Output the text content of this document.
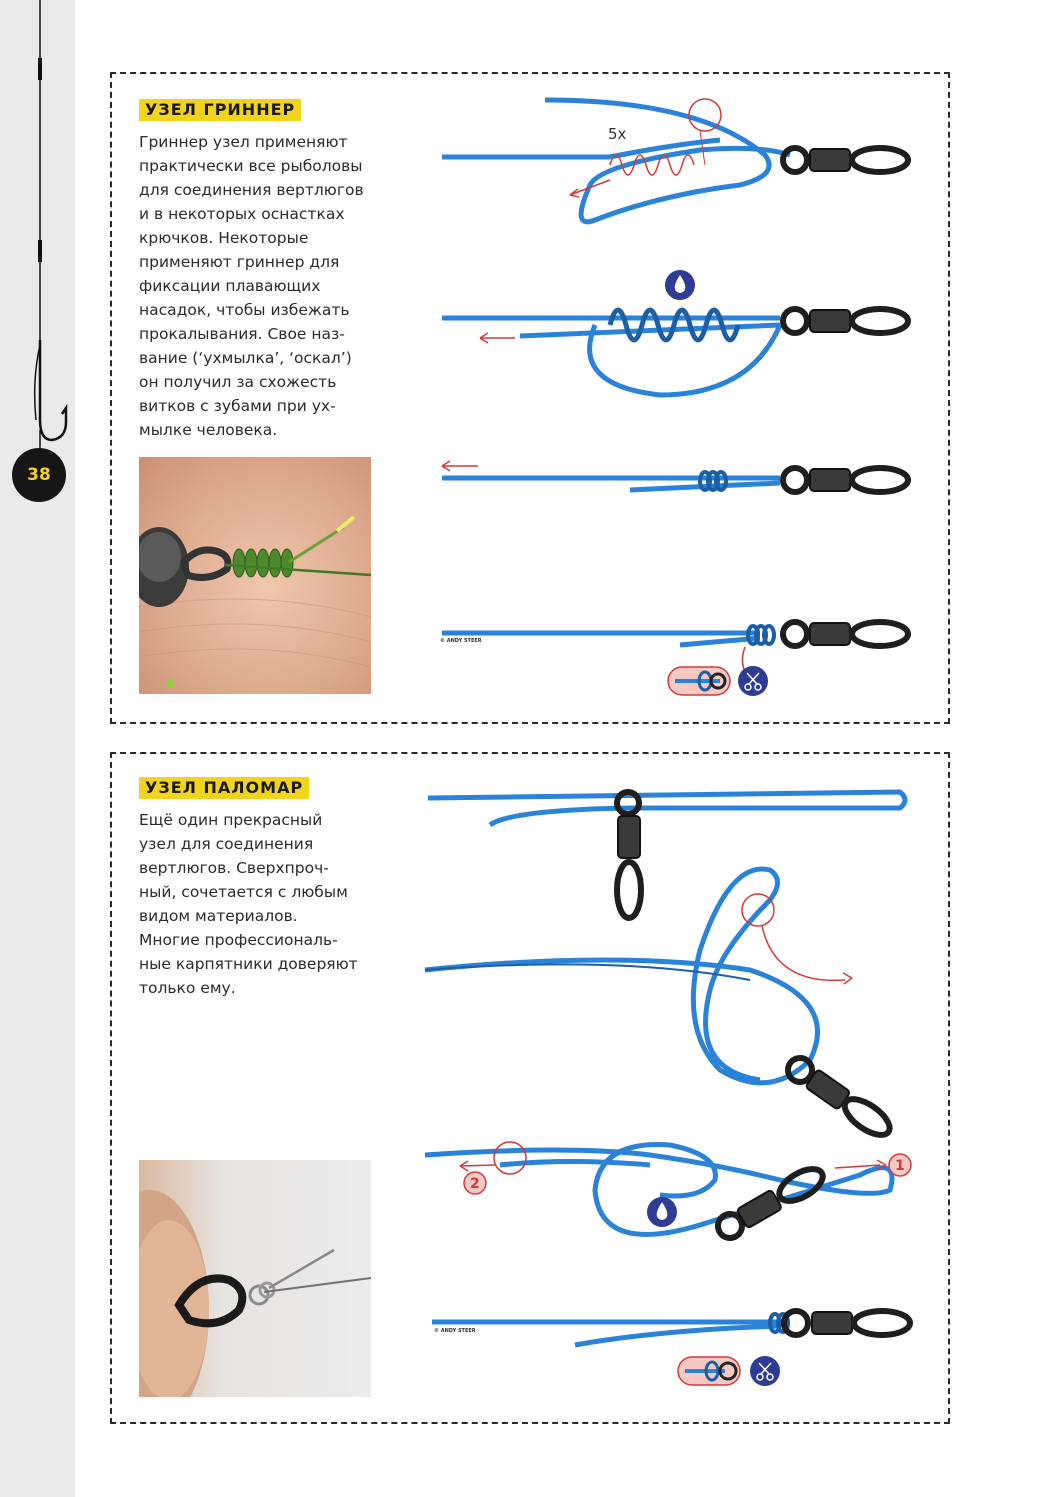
38
УЗЕЛ ГРИННЕР
Гриннер узел применяют
практически все рыболовы
для соединения вертлюгов
и в некоторых оснастках
крючков. Некоторые
применяют гриннер для
фиксации плавающих
насадок, чтобы избежать
прокалывания. Свое наз-
вание (‘ухмылка’, ‘оскал’)
он получил за схожесть
витков с зубами при ух-
мылке человека.
5x
© ANDY STEER
УЗЕЛ ПАЛОМАР
Ещё один прекрасный
узел для соединения
вертлюгов. Сверхпроч-
ный, сочетается с любым
видом материалов.
Многие профессиональ-
ные карпятники доверяют
только ему.
2
1
© ANDY STEER
